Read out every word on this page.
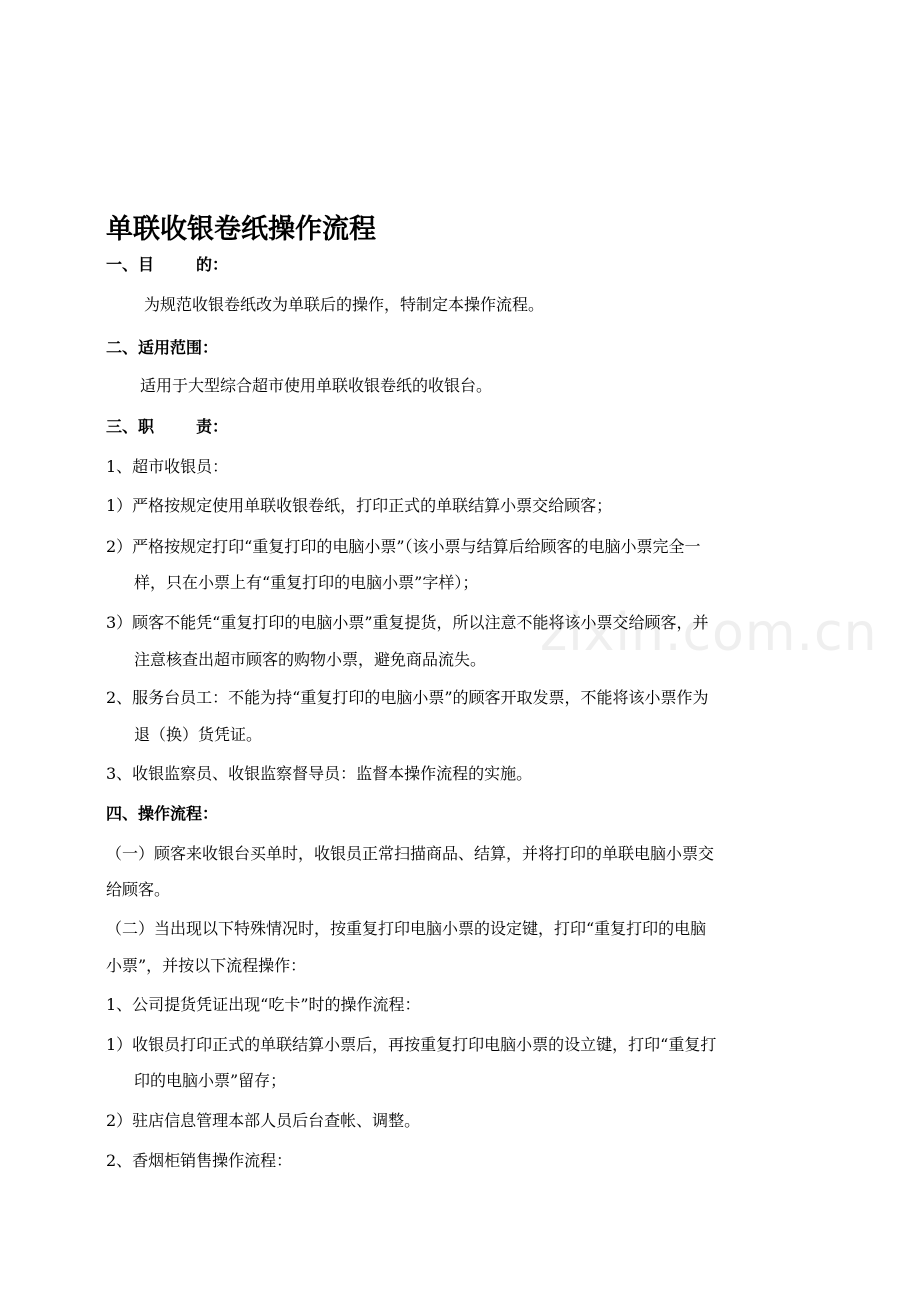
zixin.com.cn
单联收银卷纸操作流程
一、目	的：
为规范收银卷纸改为单联后的操作，特制定本操作流程。
二、适用范围：
适用于大型综合超市使用单联收银卷纸的收银台。
三、职	责：
1、超市收银员：
1）严格按规定使用单联收银卷纸，打印正式的单联结算小票交给顾客；
2）严格按规定打印“重复打印的电脑小票”（该小票与结算后给顾客的电脑小票完全一
样，只在小票上有“重复打印的电脑小票”字样）；
3）顾客不能凭“重复打印的电脑小票”重复提货，所以注意不能将该小票交给顾客，并
注意核查出超市顾客的购物小票，避免商品流失。
2、服务台员工：不能为持“重复打印的电脑小票”的顾客开取发票，不能将该小票作为
退（换）货凭证。
3、收银监察员、收银监察督导员：监督本操作流程的实施。
四、操作流程：
（一）顾客来收银台买单时，收银员正常扫描商品、结算，并将打印的单联电脑小票交
给顾客。
（二）当出现以下特殊情况时，按重复打印电脑小票的设定键，打印“重复打印的电脑
小票”，并按以下流程操作：
1、公司提货凭证出现“吃卡”时的操作流程：
1）收银员打印正式的单联结算小票后，再按重复打印电脑小票的设立键，打印“重复打
印的电脑小票”留存；
2）驻店信息管理本部人员后台查帐、调整。
2、香烟柜销售操作流程：
